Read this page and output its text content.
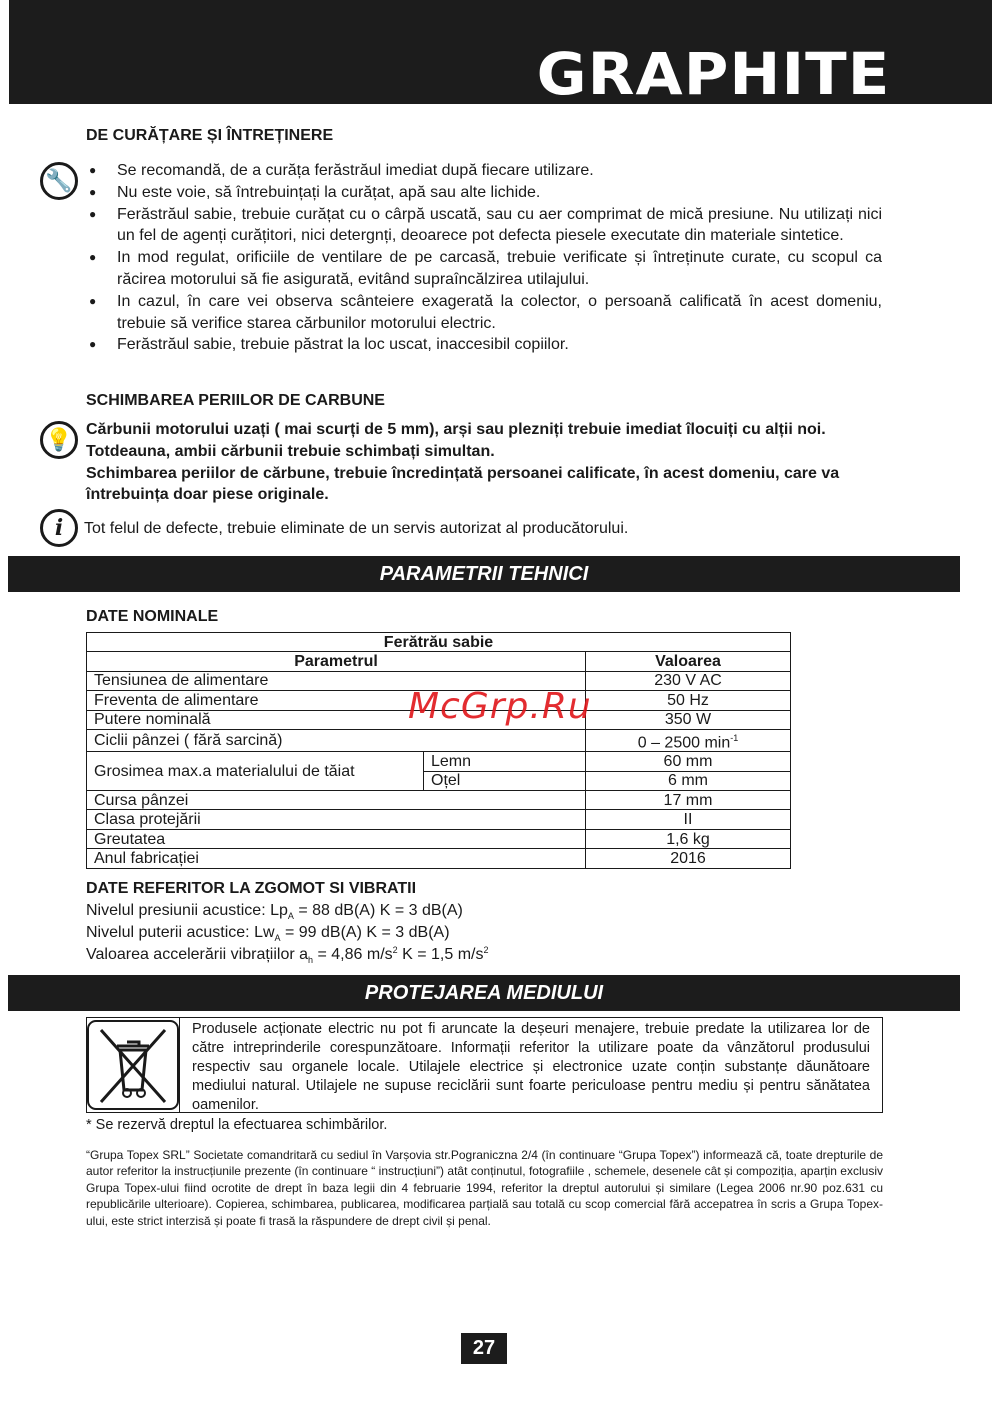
GRAPHITE
DE CURĂȚARE ȘI ÎNTREȚINERE
🔧	● Se recomandă, de a curăța ferăstrăul imediat după fiecare utilizare.
● Nu este voie, să întrebuințați la curățat, apă sau alte lichide.
● Ferăstrăul sabie, trebuie curățat cu o cârpă uscată, sau cu aer comprimat de mică presiune. Nu utilizați nici un fel de agenți curățitori, nici detergnți, deoarece pot defecta piesele executate din materiale sintetice.
● In mod regulat, orificiile de ventilare de pe carcasă, trebuie verificate și întreținute curate, cu scopul ca răcirea motorului să fie asigurată, evitând supraîncălzirea utilajului.
● In cazul, în care vei observa scânteiere exagerată la colector, o persoană calificată în acest domeniu, trebuie să verifice starea cărbunilor motorului electric.
● Ferăstrăul sabie, trebuie păstrat la loc uscat, inaccesibil copiilor.
SCHIMBAREA PERIILOR DE CARBUNE
💡 Cărbunii motorului uzați ( mai scurți de 5 mm), arși sau plezniți trebuie imediat îlocuiți cu alții noi.
Totdeauna, ambii cărbunii trebuie schimbați simultan.
Schimbarea periilor de cărbune, trebuie încredințată persoanei calificate, în acest domeniu, care va întrebuința doar piese originale.
i	Tot felul de defecte, trebuie eliminate de un servis autorizat al producătorului.
PARAMETRII TEHNICI
DATE NOMINALE
Ferătrău sabie		
Parametrul		Valoarea
Tensiunea de alimentare		230 V AC
Freventa de alimentare		50 Hz
Putere nominală		350 W
Ciclii pânzei ( fără sarcină)		0 – 2500 $\min^{-1}$
Grosimea max.a materialului de tăiat	Lemn	60 mm
	Oțel	6 mm
Cursa pânzei		17 mm
Clasa protejării		II
Greutatea		1,6 kg
Anul fabricației		2016
McGrp.Ru
DATE REFERITOR LA ZGOMOT SI VIBRATII
Nivelul presiunii acustice: $Lp_A = 88$ dB(A) K = 3 dB(A)
Nivelul puterii acustice: $Lw_A = 99$ dB(A) K = 3 dB(A)
Valoarea accelerării vibrațiilor $a_h = 4,86$ $m/s^2$ K = 1,5 $m/s^2$
PROTEJAREA MEDIULUI
Produsele acționate electric nu pot fi aruncate la deșeuri menajere, trebuie predate la utilizarea lor de către intreprinderile corespunzătoare. Informații referitor la utilizare poate da vânzătorul produsului respectiv sau organele locale. Utilajele electrice și electronice uzate conțin substanțe dăunătoare mediului natural. Utilajele ne supuse reciclării sunt foarte periculoase pentru mediu și pentru sănătatea oamenilor.
* Se rezervă dreptul la efectuarea schimbărilor.
“Grupa Topex SRL” Societate comandritară cu sediul în Varșovia str.Pograniczna 2/4 (în continuare “Grupa Topex”) informează că, toate drepturile de autor referitor la instrucțiunile prezente (în continuare “ instrucțiuni”) atât conținutul, fotografiile , schemele, desenele cât și compoziția, aparțin exclusiv Grupa Topex-ului fiind ocrotite de drept în baza legii din 4 februarie 1994, referitor la dreptul autorului și similare (Legea 2006 nr.90 poz.631 cu republicările ulterioare). Copierea, schimbarea, publicarea, modificarea parțială sau totală cu scop comercial fără accepatrea în scris a Grupa Topex-ului, este strict interzisă și poate fi trasă la răspundere de drept civil și penal.
27
